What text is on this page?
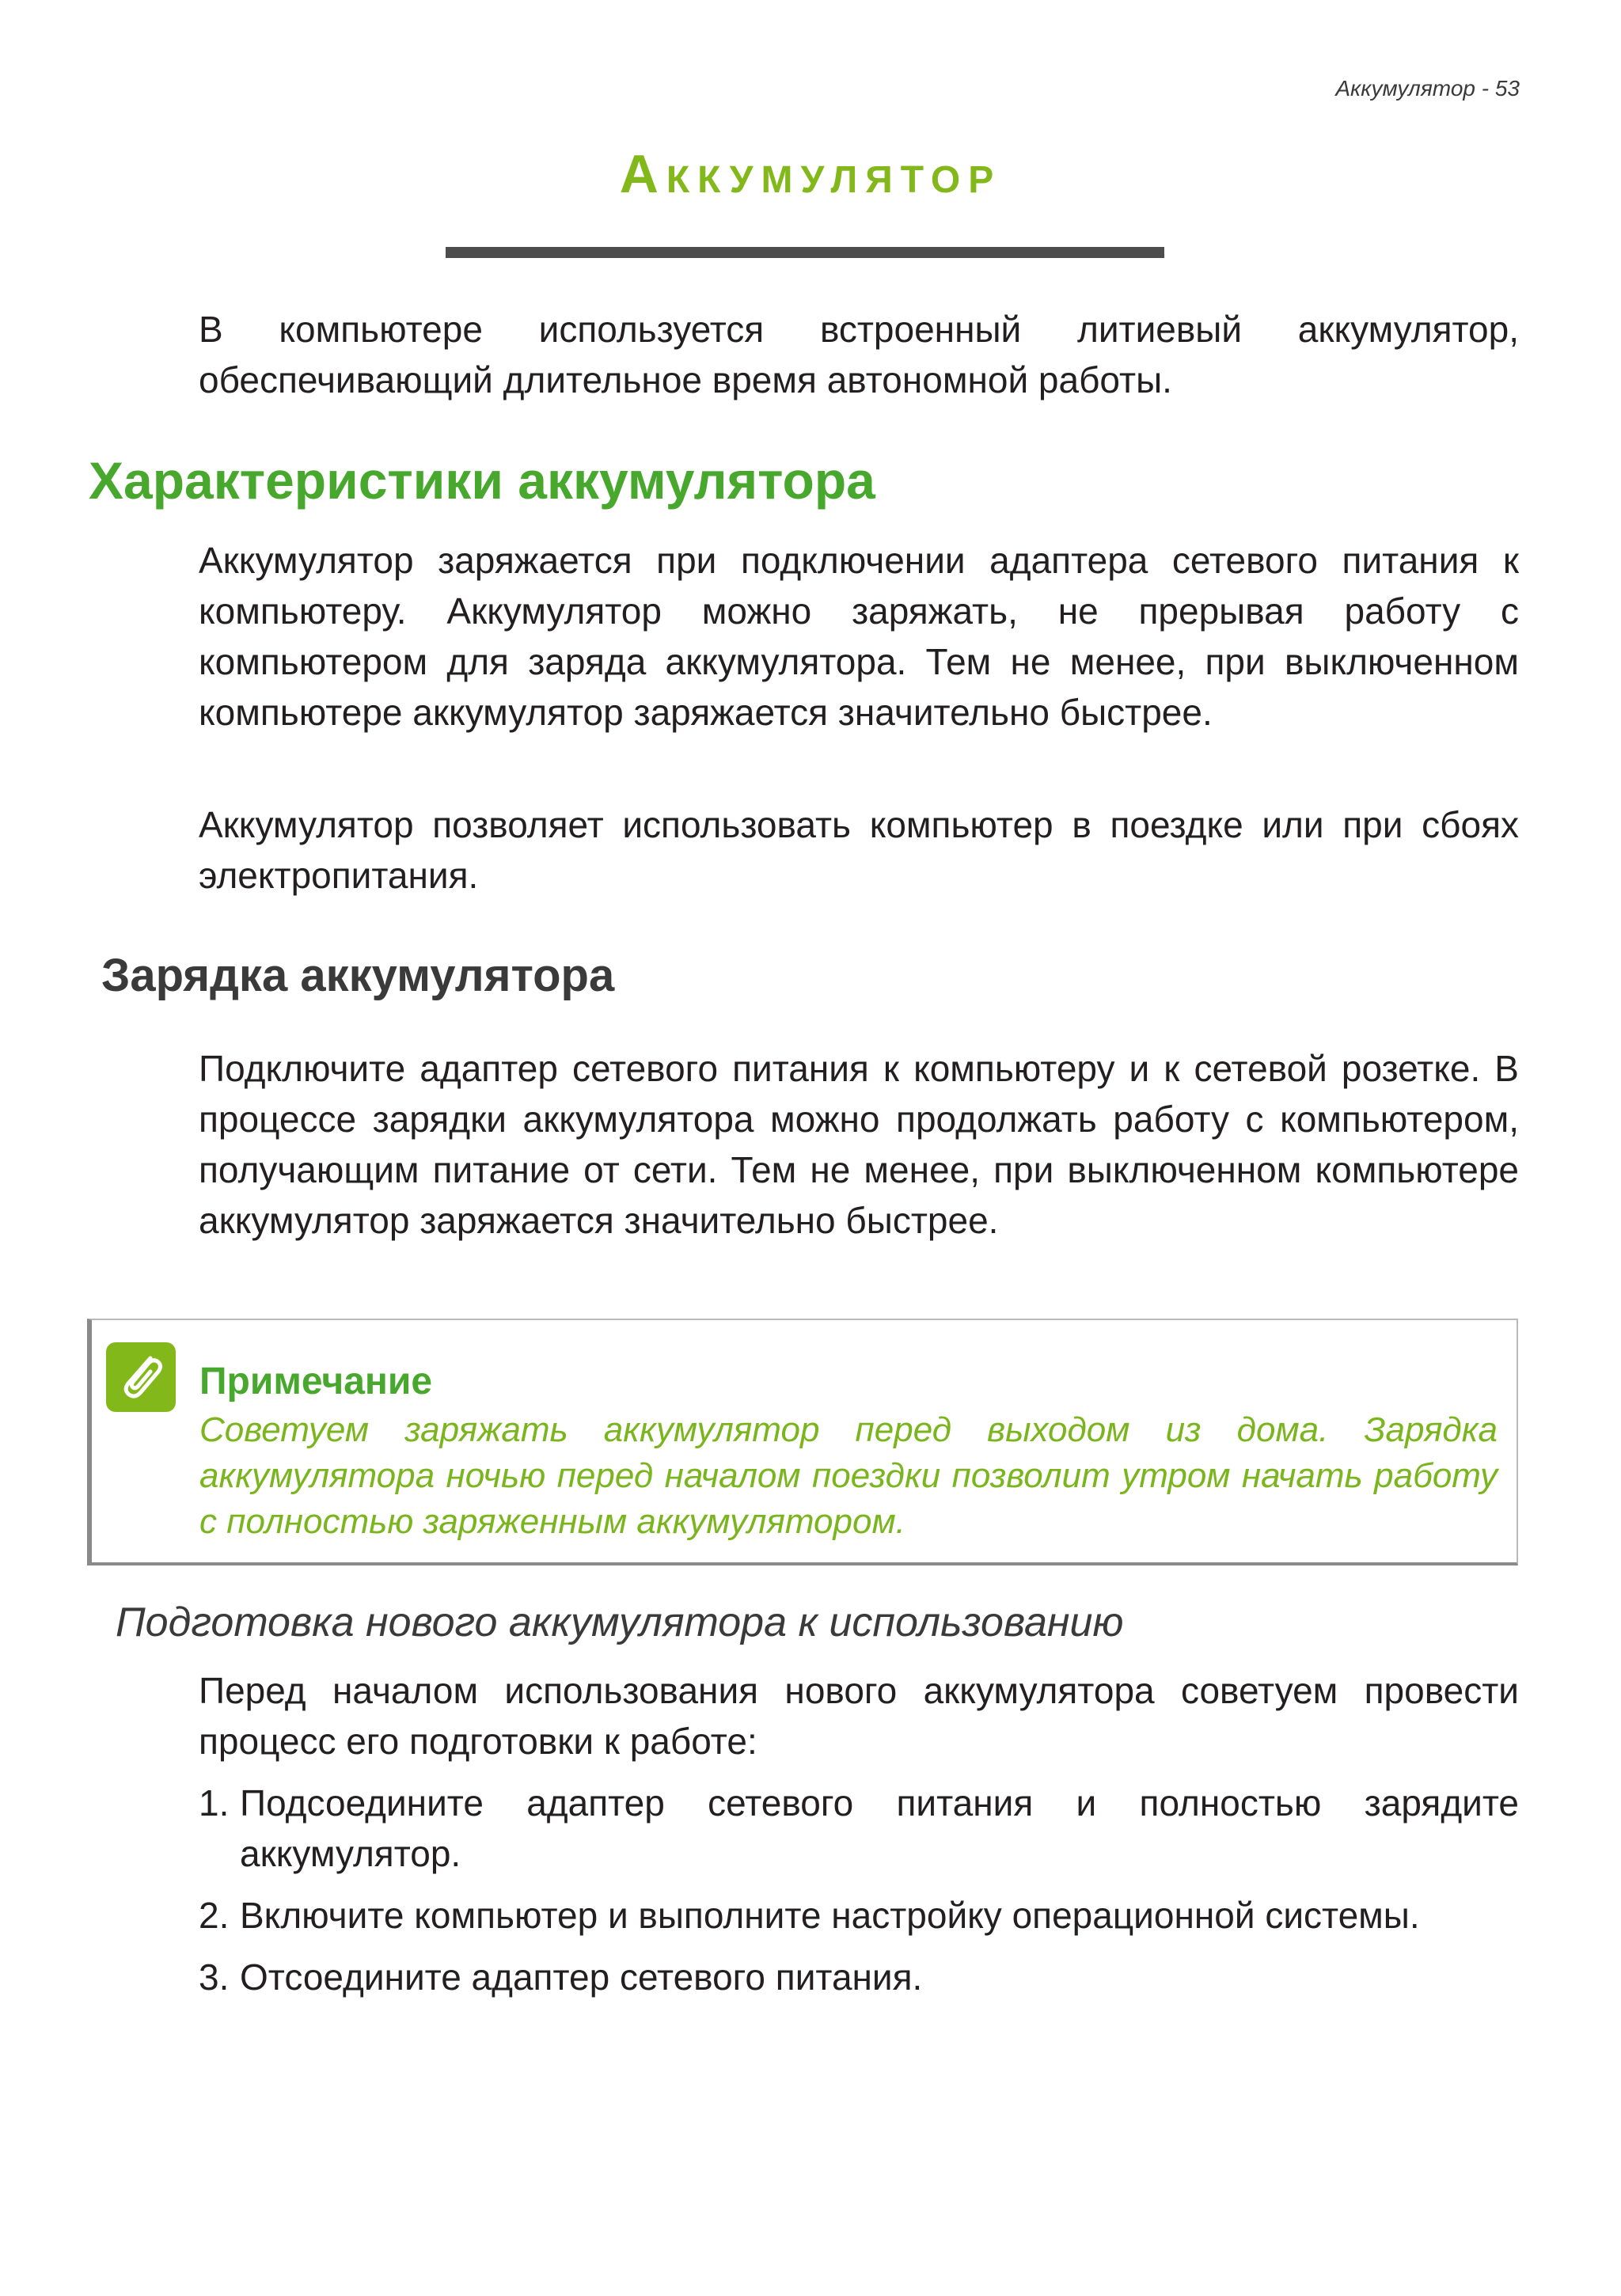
Аккумулятор - 53
Аккумулятор

В компьютере используется встроенный литиевый аккумулятор, обеспечивающий длительное время автономной работы.

Характеристики аккумулятора

Аккумулятор заряжается при подключении адаптера сетевого питания к компьютеру. Аккумулятор можно заряжать, не прерывая работу с компьютером для заряда аккумулятора. Тем не менее, при выключенном компьютере аккумулятор заряжается значительно быстрее.

Аккумулятор позволяет использовать компьютер в поездке или при сбоях электропитания.

Зарядка аккумулятора

Подключите адаптер сетевого питания к компьютеру и к сетевой розетке. В процессе зарядки аккумулятора можно продолжать работу с компьютером, получающим питание от сети. Тем не менее, при выключенном компьютере аккумулятор заряжается значительно быстрее.

Примечание

Советуем заряжать аккумулятор перед выходом из дома. Зарядка аккумулятора ночью перед началом поездки позволит утром начать работу с полностью заряженным аккумулятором.

Подготовка нового аккумулятора к использованию

Перед началом использования нового аккумулятора советуем провести процесс его подготовки к работе:

1. Подсоедините адаптер сетевого питания и полностью зарядите аккумулятор.
2. Включите компьютер и выполните настройку операционной системы.
3. Отсоедините адаптер сетевого питания.
